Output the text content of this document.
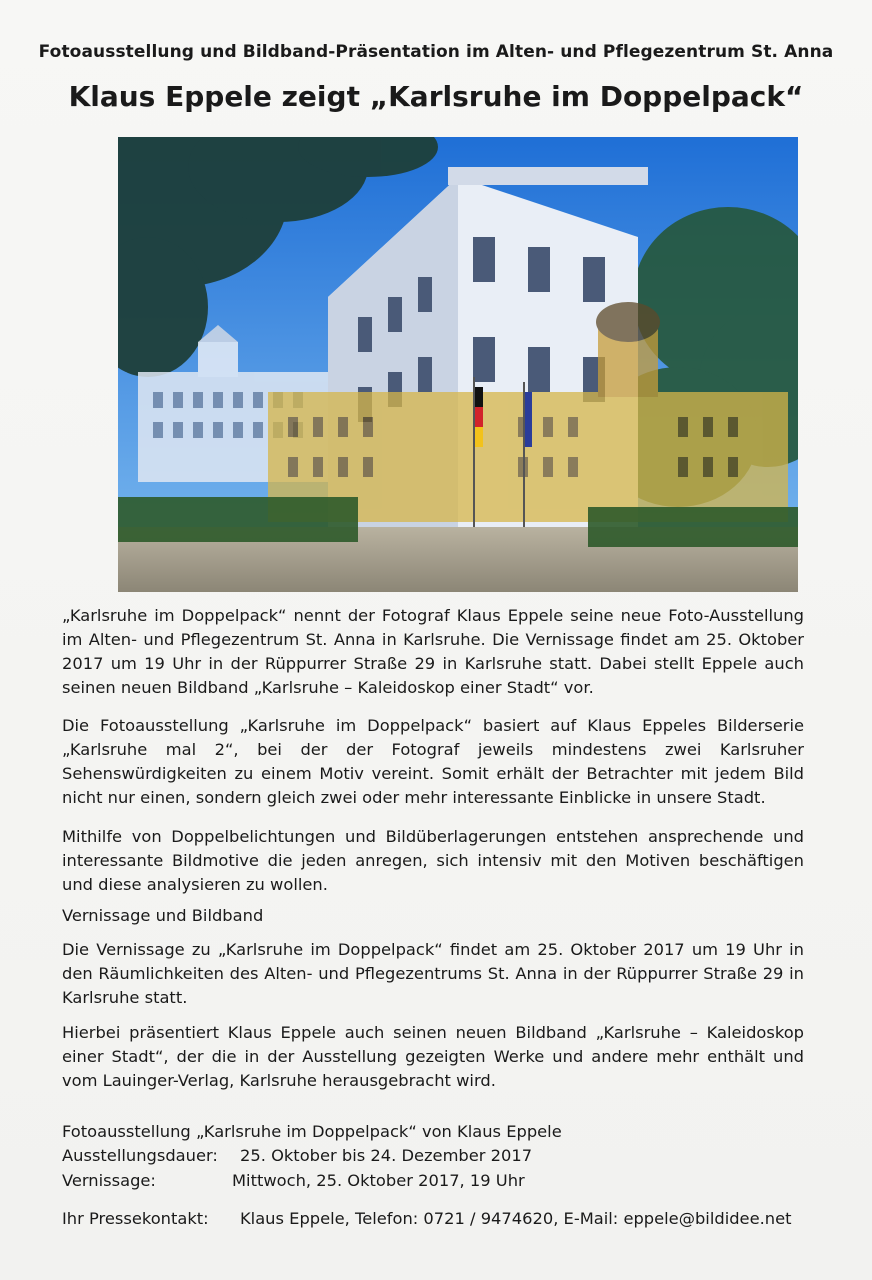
Fotoausstellung und Bildband-Präsentation im Alten- und Pflegezentrum St. Anna
Klaus Eppele zeigt „Karlsruhe im Doppelpack“

„Karlsruhe im Doppelpack“ nennt der Fotograf Klaus Eppele seine neue Foto-Ausstellung im Alten- und Pflegezentrum St. Anna in Karlsruhe. Die Vernissage findet am 25. Oktober 2017 um 19 Uhr in der Rüppurrer Straße 29 in Karlsruhe statt. Dabei stellt Eppele auch seinen neuen Bildband „Karlsruhe – Kaleidoskop einer Stadt“ vor.

Die Fotoausstellung „Karlsruhe im Doppelpack“ basiert auf Klaus Eppeles Bilderserie „Karlsruhe mal 2“, bei der der Fotograf jeweils mindestens zwei Karlsruher Sehenswürdigkeiten zu einem Motiv vereint. Somit erhält der Betrachter mit jedem Bild nicht nur einen, sondern gleich zwei oder mehr interessante Einblicke in unsere Stadt.

Mithilfe von Doppelbelichtungen und Bildüberlagerungen entstehen ansprechende und interessante Bildmotive die jeden anregen, sich intensiv mit den Motiven beschäftigen und diese analysieren zu wollen.

Vernissage und Bildband

Die Vernissage zu „Karlsruhe im Doppelpack“ findet am 25. Oktober 2017 um 19 Uhr in den Räumlichkeiten des Alten- und Pflegezentrums St. Anna in der Rüppurrer Straße 29 in Karlsruhe statt.

Hierbei präsentiert Klaus Eppele auch seinen neuen Bildband „Karlsruhe – Kaleidoskop einer Stadt“, der die in der Ausstellung gezeigten Werke und andere mehr enthält und vom Lauinger-Verlag, Karlsruhe herausgebracht wird.

Fotoausstellung „Karlsruhe im Doppelpack“ von Klaus Eppele

Ausstellungsdauer: 25. Oktober bis 24. Dezember 2017
Vernissage:	Mittwoch, 25. Oktober 2017, 19 Uhr
Ihr Pressekontakt: Klaus Eppele, Telefon: 0721 / 9474620, E-Mail: eppele@bildidee.net
